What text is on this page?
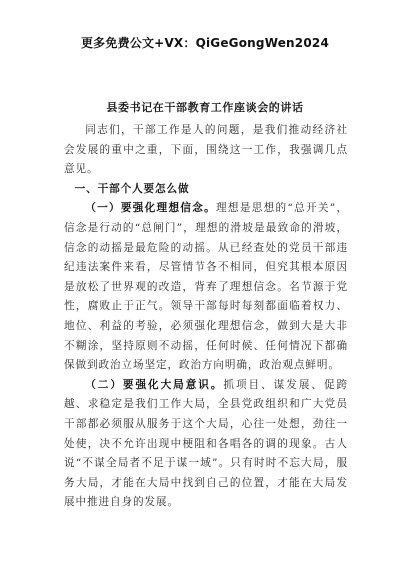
更多免费公文+VX：QiGeGongWen2024
县委书记在干部教育工作座谈会的讲话

同志们，干部工作是人的问题，是我们推动经济社会发展的重中之重，下面，围绕这一工作，我强调几点意见。

一、干部个人要怎么做

（一）要强化理想信念。理想是思想的“总开关”，信念是行动的“总闸门”，理想的滑坡是最致命的滑坡，信念的动摇是最危险的动摇。从已经查处的党员干部违纪违法案件来看，尽管情节各不相同，但究其根本原因是放松了世界观的改造，背弃了理想信念。名节源于党性，腐败止于正气。领导干部每时每刻都面临着权力、地位、利益的考验，必须强化理想信念，做到大是大非不糊涂，坚持原则不动摇，任何时候、任何情况下都确保做到政治立场坚定，政治方向明确，政治观点鲜明。

（二）要强化大局意识。抓项目、谋发展、促跨越、求稳定是我们工作大局，全县党政组织和广大党员干部都必须服从服务于这个大局，心往一处想，劲往一处使，决不允许出现中梗阻和各唱各的调的现象。古人说“不谋全局者不足于谋一域”。只有时时不忘大局，服务大局，才能在大局中找到自己的位置，才能在大局发展中推进自身的发展。
